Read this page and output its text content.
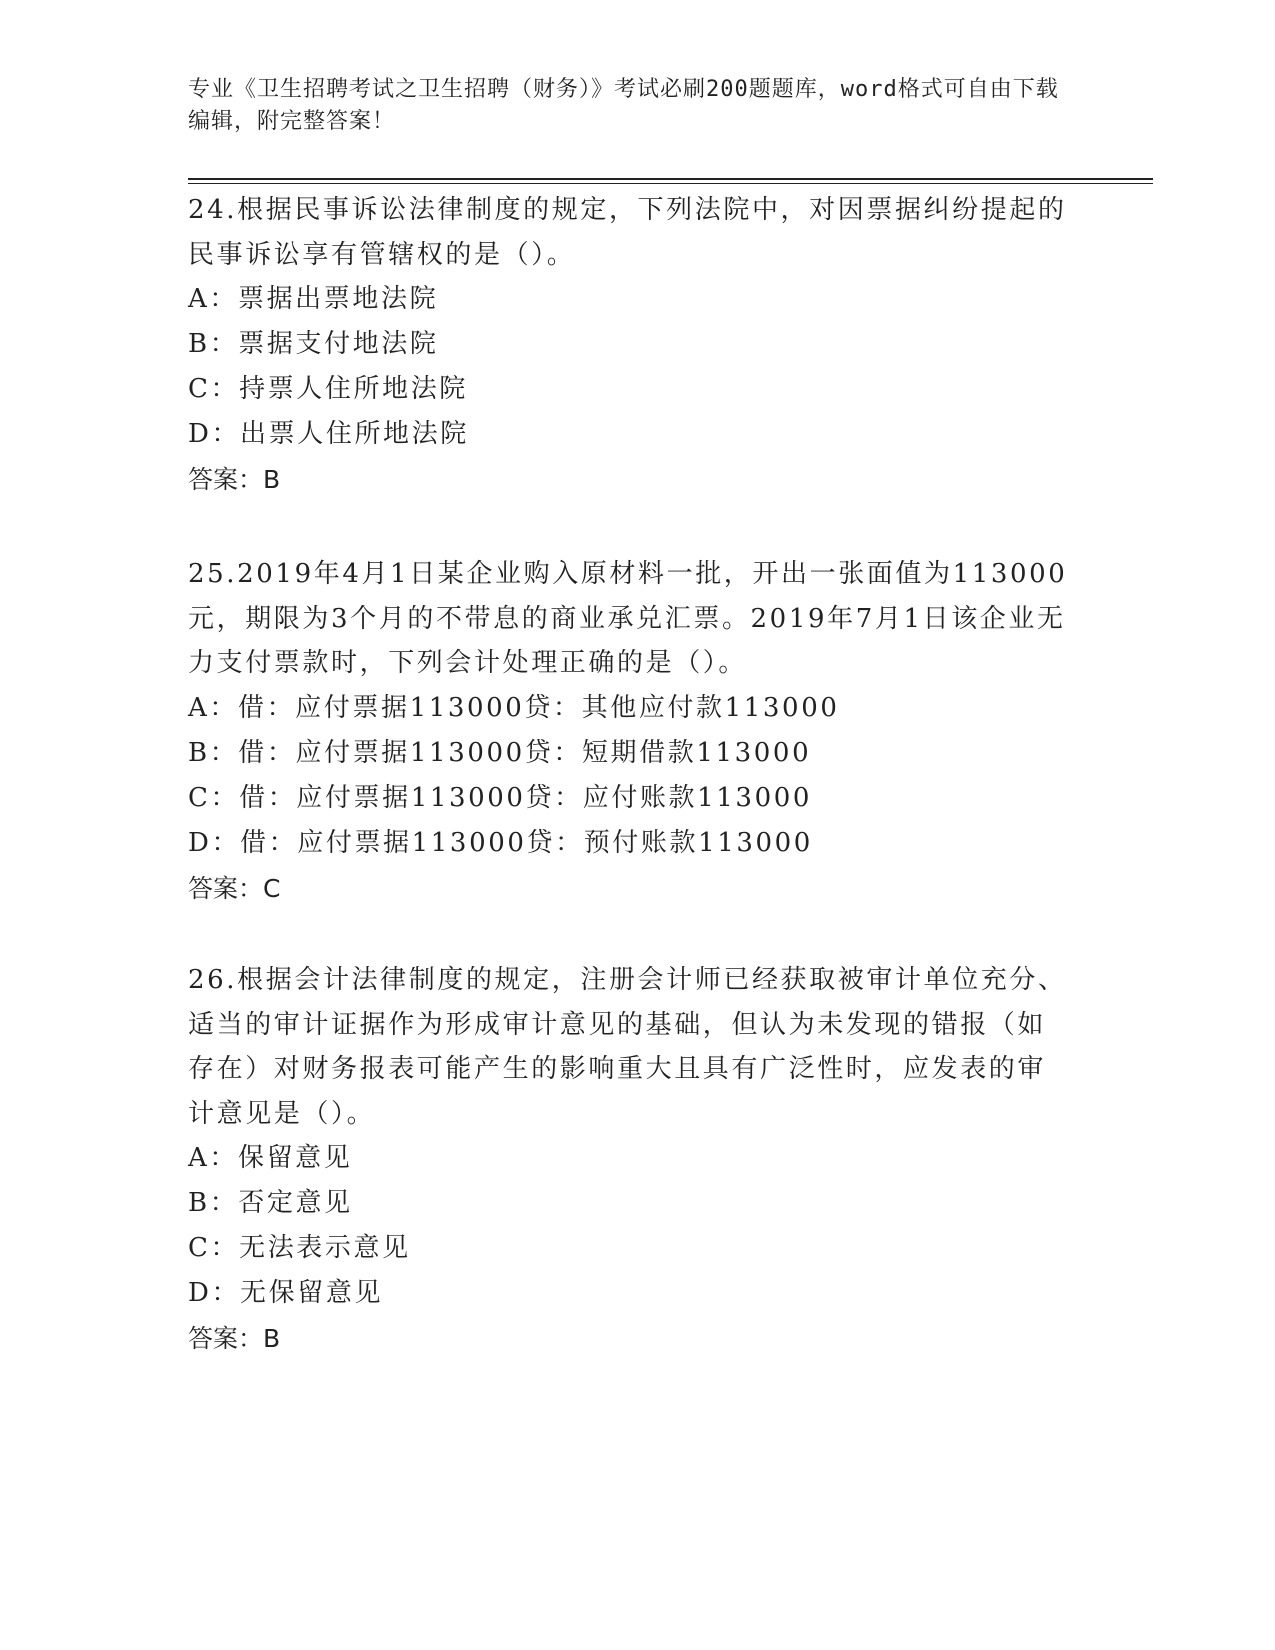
专业《卫生招聘考试之卫生招聘（财务）》考试必刷200题题库，word格式可自由下载编辑，附完整答案！

24.根据民事诉讼法律制度的规定，下列法院中，对因票据纠纷提起的民事诉讼享有管辖权的是（）。

A：票据出票地法院

B：票据支付地法院

C：持票人住所地法院

D：出票人住所地法院

答案：B

25.2019年4月1日某企业购入原材料一批，开出一张面值为113000元，期限为3个月的不带息的商业承兑汇票。2019年7月1日该企业无力支付票款时，下列会计处理正确的是（）。

A：借：应付票据113000贷：其他应付款113000

B：借：应付票据113000贷：短期借款113000

C：借：应付票据113000贷：应付账款113000

D：借：应付票据113000贷：预付账款113000

答案：C

26.根据会计法律制度的规定，注册会计师已经获取被审计单位充分、适当的审计证据作为形成审计意见的基础，但认为未发现的错报（如存在）对财务报表可能产生的影响重大且具有广泛性时，应发表的审计意见是（）。

A：保留意见

B：否定意见

C：无法表示意见

D：无保留意见

答案：B
